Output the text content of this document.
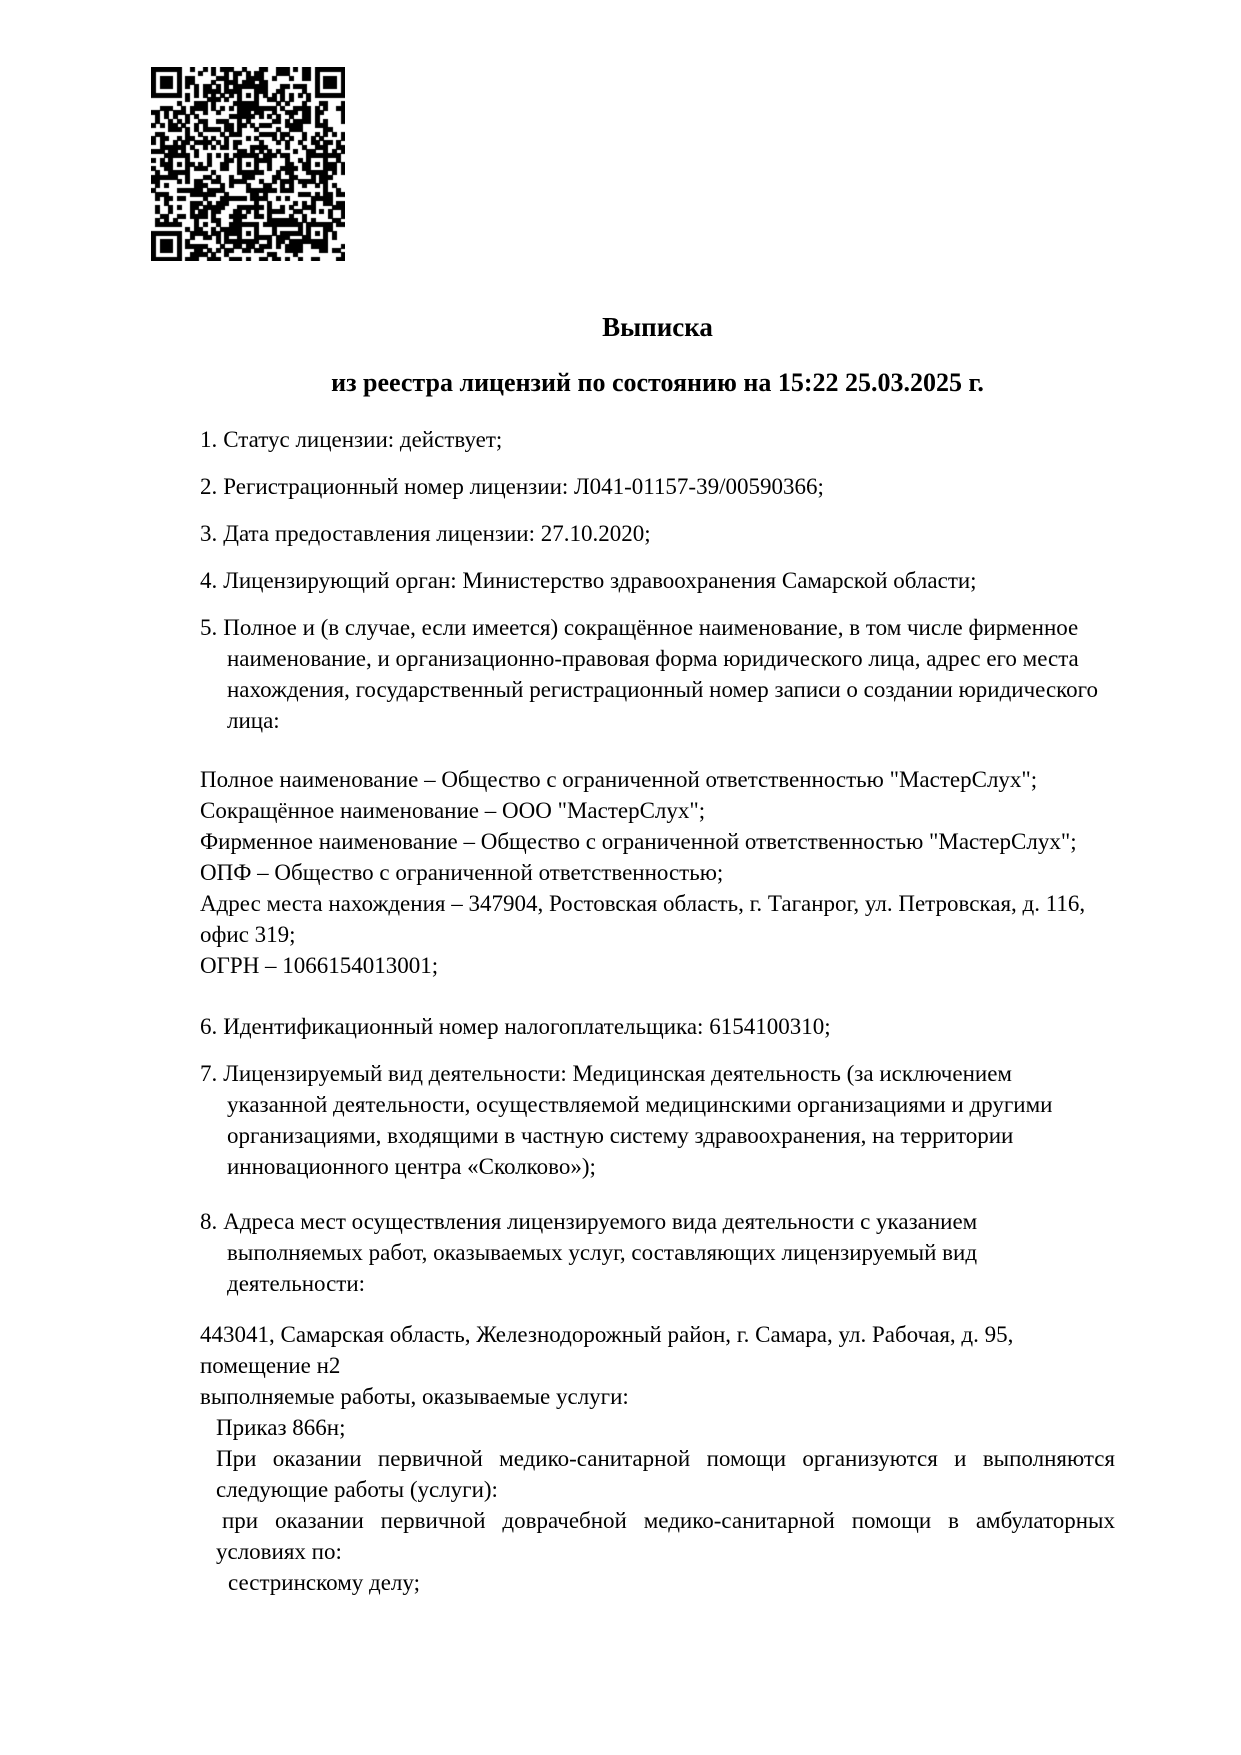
Выписка
из реестра лицензий по состоянию на 15:22 25.03.2025 г.
1. Статус лицензии: действует;
2. Регистрационный номер лицензии: Л041-01157-39/00590366;
3. Дата предоставления лицензии: 27.10.2020;
4. Лицензирующий орган: Министерство здравоохранения Самарской области;
5. Полное и (в случае, если имеется) сокращённое наименование, в том числе фирменное наименование, и организационно-правовая форма юридического лица, адрес его места нахождения, государственный регистрационный номер записи о создании юридического лица:
Полное наименование – Общество с ограниченной ответственностью "МастерСлух";
Сокращённое наименование – ООО "МастерСлух";
Фирменное наименование – Общество с ограниченной ответственностью "МастерСлух";
ОПФ – Общество с ограниченной ответственностью;
Адрес места нахождения – 347904, Ростовская область, г. Таганрог, ул. Петровская, д. 116, офис 319;
ОГРН – 1066154013001;
6. Идентификационный номер налогоплательщика: 6154100310;
7. Лицензируемый вид деятельности: Медицинская деятельность (за исключением указанной деятельности, осуществляемой медицинскими организациями и другими организациями, входящими в частную систему здравоохранения, на территории инновационного центра «Сколково»);
8. Адреса мест осуществления лицензируемого вида деятельности с указанием выполняемых работ, оказываемых услуг, составляющих лицензируемый вид деятельности:
443041, Самарская область, Железнодорожный район, г. Самара, ул. Рабочая, д. 95, помещение н2
выполняемые работы, оказываемые услуги:
Приказ 866н;
При оказании первичной медико-санитарной помощи организуются и выполняются следующие работы (услуги):
при оказании первичной доврачебной медико-санитарной помощи в амбулаторных условиях по:
сестринскому делу;
